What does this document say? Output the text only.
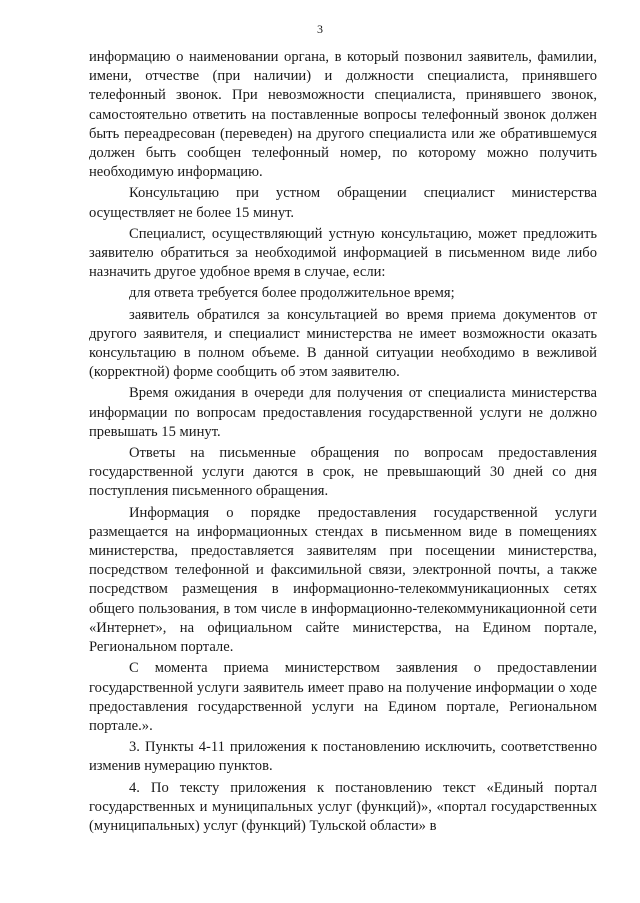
3

информацию о наименовании органа, в который позвонил заявитель, фамилии, имени, отчестве (при наличии) и должности специалиста, принявшего телефонный звонок. При невозможности специалиста, принявшего звонок, самостоятельно ответить на поставленные вопросы телефонный звонок должен быть переадресован (переведен) на другого специалиста или же обратившемуся должен быть сообщен телефонный номер, по которому можно получить необходимую информацию.

Консультацию при устном обращении специалист министерства осуществляет не более 15 минут.

Специалист, осуществляющий устную консультацию, может предложить заявителю обратиться за необходимой информацией в письменном виде либо назначить другое удобное время в случае, если:

для ответа требуется более продолжительное время;

заявитель обратился за консультацией во время приема документов от другого заявителя, и специалист министерства не имеет возможности оказать консультацию в полном объеме. В данной ситуации необходимо в вежливой (корректной) форме сообщить об этом заявителю.

Время ожидания в очереди для получения от специалиста министерства информации по вопросам предоставления государственной услуги не должно превышать 15 минут.

Ответы на письменные обращения по вопросам предоставления государственной услуги даются в срок, не превышающий 30 дней со дня поступления письменного обращения.

Информация о порядке предоставления государственной услуги размещается на информационных стендах в письменном виде в помещениях министерства, предоставляется заявителям при посещении министерства, посредством телефонной и факсимильной связи, электронной почты, а также посредством размещения в информационно-телекоммуникационных сетях общего пользования, в том числе в информационно-телекоммуникационной сети «Интернет», на официальном сайте министерства, на Едином портале, Региональном портале.

С момента приема министерством заявления о предоставлении государственной услуги заявитель имеет право на получение информации о ходе предоставления государственной услуги на Едином портале, Региональном портале.».

3. Пункты 4-11 приложения к постановлению исключить, соответственно изменив нумерацию пунктов.

4. По тексту приложения к постановлению текст «Единый портал государственных и муниципальных услуг (функций)», «портал государственных (муниципальных) услуг (функций) Тульской области» в
